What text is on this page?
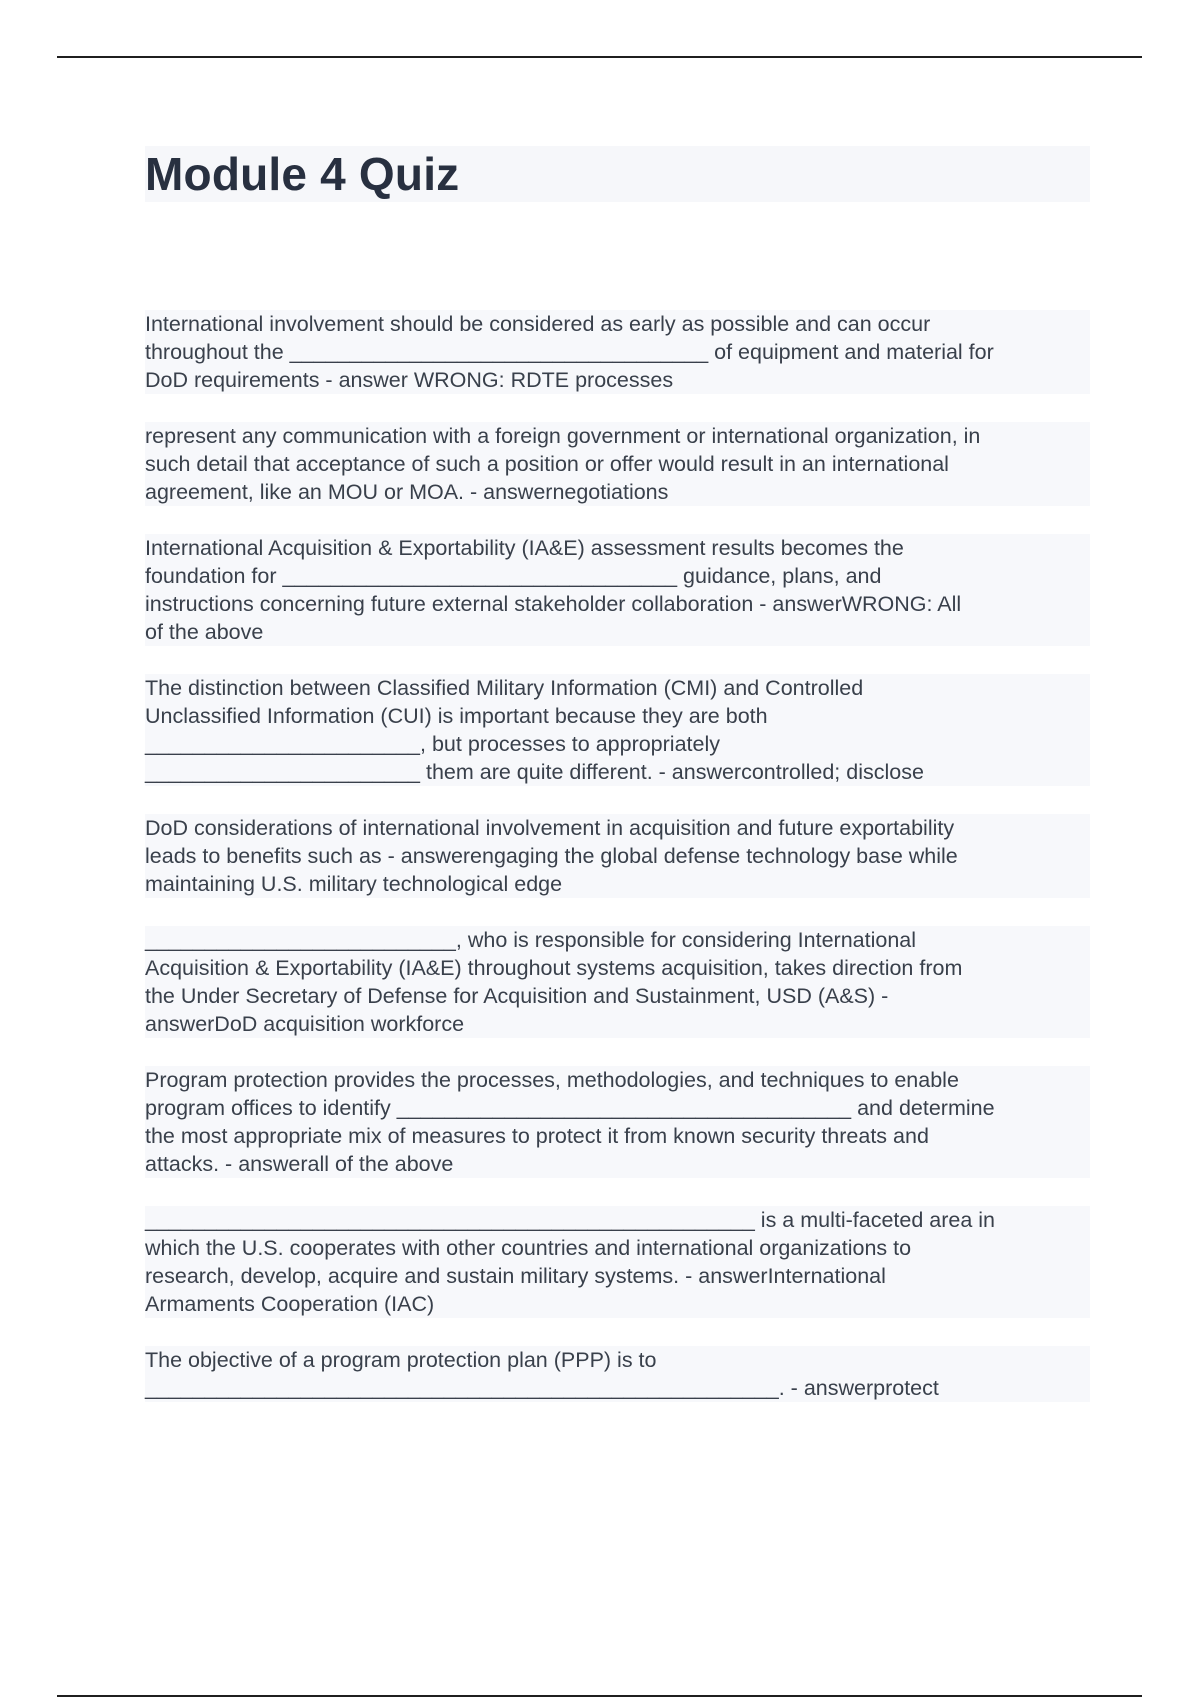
Module 4 Quiz
International involvement should be considered as early as possible and can occur
throughout the ___________________________________ of equipment and material for
DoD requirements - answer WRONG: RDTE processes
represent any communication with a foreign government or international organization, in
such detail that acceptance of such a position or offer would result in an international
agreement, like an MOU or MOA. - answernegotiations
International Acquisition & Exportability (IA&E) assessment results becomes the
foundation for _________________________________ guidance, plans, and
instructions concerning future external stakeholder collaboration - answerWRONG: All
of the above
The distinction between Classified Military Information (CMI) and Controlled
Unclassified Information (CUI) is important because they are both
_______________________, but processes to appropriately
_______________________ them are quite different. - answercontrolled; disclose
DoD considerations of international involvement in acquisition and future exportability
leads to benefits such as - answerengaging the global defense technology base while
maintaining U.S. military technological edge
__________________________, who is responsible for considering International
Acquisition & Exportability (IA&E) throughout systems acquisition, takes direction from
the Under Secretary of Defense for Acquisition and Sustainment, USD (A&S) -
answerDoD acquisition workforce
Program protection provides the processes, methodologies, and techniques to enable
program offices to identify ______________________________________ and determine
the most appropriate mix of measures to protect it from known security threats and
attacks. - answerall of the above
___________________________________________________ is a multi-faceted area in
which the U.S. cooperates with other countries and international organizations to
research, develop, acquire and sustain military systems. - answerInternational
Armaments Cooperation (IAC)
The objective of a program protection plan (PPP) is to
_____________________________________________________. - answerprotect
